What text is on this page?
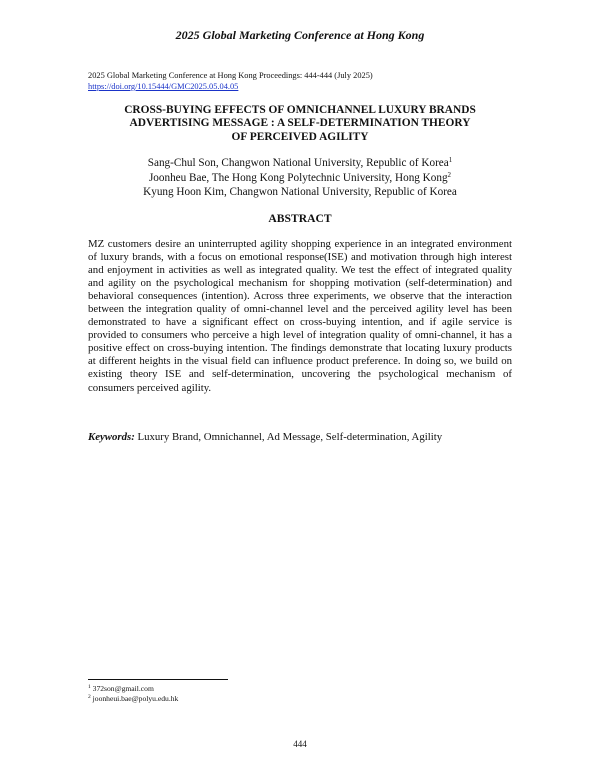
2025 Global Marketing Conference at Hong Kong
2025 Global Marketing Conference at Hong Kong Proceedings: 444-444 (July 2025)
https://doi.org/10.15444/GMC2025.05.04.05
CROSS-BUYING EFFECTS OF OMNICHANNEL LUXURY BRANDS
ADVERTISING MESSAGE : A SELF-DETERMINATION THEORY
OF PERCEIVED AGILITY
Sang-Chul Son, Changwon National University, Republic of Korea$^1$
Joonheu Bae, The Hong Kong Polytechnic University, Hong Kong$^2$
Kyung Hoon Kim, Changwon National University, Republic of Korea
ABSTRACT
MZ customers desire an uninterrupted agility shopping experience in an integrated environment of luxury brands, with a focus on emotional response(ISE) and motivation through high interest and enjoyment in activities as well as integrated quality. We test the effect of integrated quality and agility on the psychological mechanism for shopping motivation (self-determination) and behavioral consequences (intention). Across three experiments, we observe that the interaction between the integration quality of omni-channel level and the perceived agility level has been demonstrated to have a significant effect on cross-buying intention, and if agile service is provided to consumers who perceive a high level of integration quality of omni-channel, it has a positive effect on cross-buying intention. The findings demonstrate that locating luxury products at different heights in the visual field can influence product preference. In doing so, we build on existing theory ISE and self-determination, uncovering the psychological mechanism of consumers perceived agility.
Keywords: Luxury Brand, Omnichannel, Ad Message, Self-determination, Agility
$^1$ 372son@gmail.com
$^2$ joonheui.bae@polyu.edu.hk
444
